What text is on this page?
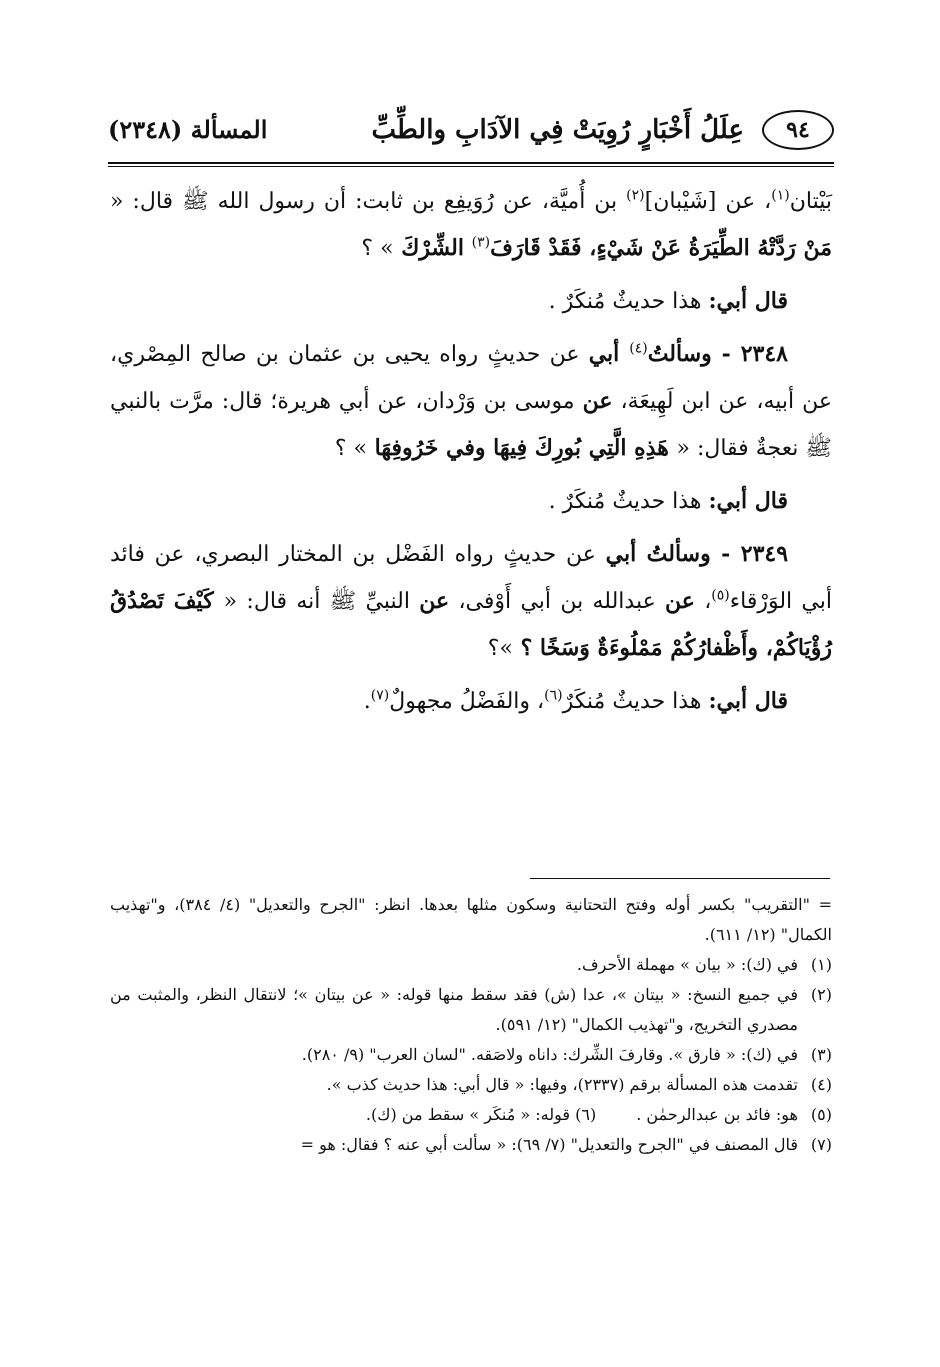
٩٤
عِلَلُ أَخْبَارٍ رُوِيَتْ فِي الآدَابِ والطِّبِّ
المسألة (٢٣٤٨)

بَيْتان$^{(١)}$، عن [شَيْبان]$^{(٢)}$ بن أُميَّة، عن رُوَيفِع بن ثابت: أن رسول الله ﷺ قال: « مَنْ رَدَّتْهُ الطِّيَرَةُ عَنْ شَيْءٍ، فَقَدْ قَارَفَ$^{(٣)}$ الشِّرْكَ » ؟

قال أبي: هذا حديثٌ مُنكَرٌ .

٢٣٤٨ - وسألتُ$^{(٤)}$ أبي عن حديثٍ رواه يحيى بن عثمان بن صالح المِصْري، عن أبيه، عن ابن لَهِيعَة، عن موسى بن وَرْدان، عن أبي هريرة؛ قال: مرَّت بالنبي ﷺ نعجةٌ فقال: « هَذِهِ الَّتِي بُورِكَ فِيهَا وفي خَرُوفِهَا » ؟

قال أبي: هذا حديثٌ مُنكَرٌ .

٢٣٤٩ - وسألتُ أبي عن حديثٍ رواه الفَضْل بن المختار البصري، عن فائد أبي الوَرْقاء$^{(٥)}$، عن عبدالله بن أبي أَوْفى، عن النبيِّ ﷺ أنه قال: « كَيْفَ تَصْدُقُ رُؤْيَاكُمْ، وأَظْفارُكُمْ مَمْلُوءَةٌ وَسَخًا ؟ »؟

قال أبي: هذا حديثٌ مُنكَرٌ$^{(٦)}$، والفَضْلُ مجهولٌ$^{(٧)}$.

= "التقريب" بكسر أوله وفتح التحتانية وسكون مثلها بعدها. انظر: "الجرح والتعديل" (٤/ ٣٨٤)، و"تهذيب الكمال" (١٢/ ٦١١).

(١)
في (ك): « بيان » مهملة الأحرف.
(٢)
في جميع النسخ: « بيتان »، عدا (ش) فقد سقط منها قوله: « عن بيتان »؛ لانتقال النظر، والمثبت من مصدري التخريج، و"تهذيب الكمال" (١٢/ ٥٩١).
(٣)
في (ك): « فارق ». وقارفَ الشِّرك: داناه ولاصَقه. "لسان العرب" (٩/ ٢٨٠).
(٤)
تقدمت هذه المسألة برقم (٢٣٣٧)، وفيها: « قال أبي: هذا حديث كذب ».
(٥)
هو: فائد بن عبدالرحمٰن .(٦) قوله: « مُنكَر » سقط من (ك).
(٧)
قال المصنف في "الجرح والتعديل" (٧/ ٦٩): « سألت أبي عنه ؟ فقال: هو =
